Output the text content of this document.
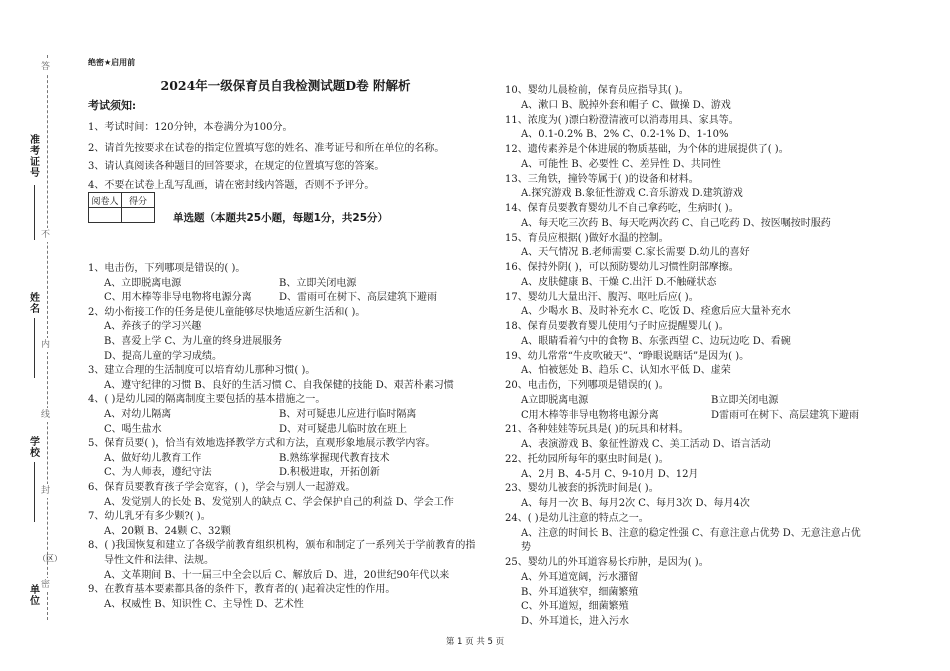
答
不
内
线
封
密
准考证号
姓名
学校
单位
（区）
绝密★启用前
2024年一级保育员自我检测试题D卷 附解析
考试须知:
1、考试时间：120分钟，本卷满分为100分。
2、请首先按要求在试卷的指定位置填写您的姓名、准考证号和所在单位的名称。
3、请认真阅读各种题目的回答要求，在规定的位置填写您的答案。
4、不要在试卷上乱写乱画，请在密封线内答题，否则不予评分。
阅卷人	得分

单选题（本题共25小题，每题1分，共25分）
1、电击伤，下列哪项是错误的( )。
A、立即脱离电源	B、立即关闭电源
C、用木棒等非导电物将电源分离	D、雷雨可在树下、高层建筑下避雨
2、幼小衔接工作的任务是使儿童能够尽快地适应新生活和( )。
A、养孩子的学习兴趣
B、喜爱上学 C、为儿童的终身进展服务
D、提高儿童的学习成绩。
3、建立合理的生活制度可以培育幼儿那种习惯( )。
A、遵守纪律的习惯 B、良好的生活习惯 C、自我保健的技能 D、艰苦朴素习惯
4、( )是幼儿园的隔离制度主要包括的基本措施之一。
A、对幼儿隔离	B、对可疑患儿应进行临时隔离
C、喝生盐水	D、对可疑患儿临时放在班上
5、保育员要( )，恰当有效地选择教学方式和方法，直观形象地展示教学内容。
A、做好幼儿教育工作	B.熟练掌握现代教育技术
C、为人师表，遵纪守法	D.积极进取，开拓创新
6、保育员要教育孩子学会宽容，( )，学会与别人一起游戏。
A、发觉别人的长处 B、发觉别人的缺点 C、学会保护自己的利益 D、学会工作
7、幼儿乳牙有多少颗?( )。
A、20颗 B、24颗 C、32颗
8、( )我国恢复和建立了各级学前教育组织机构，颁布和制定了一系列关于学前教育的指
导性文件和法律、法规。
A、文革期间 B、十一届三中全会以后 C、解放后 D、进，20世纪90年代以来
9、在教育基本要素都具备的条件下，教育者的( )起着决定性的作用。
A、权威性 B、知识性 C、主导性 D、艺术性
10、婴幼儿晨检前，保育员应指导其( )。
A、漱口 B、脱掉外套和帽子 C、做操 D、游戏
11、浓度为( )漂白粉澄清液可以消毒用具、家具等。
A、0.1-0.2% B、2% C、0.2-1% D、1-10%
12、遗传素养是个体进展的物质基础，为个体的进展提供了( )。
A、可能性 B、必要性 C、差异性 D、共同性
13、三角铁，撞铃等属于( )的设备和材料。
A.探究游戏 B.象征性游戏 C.音乐游戏 D.建筑游戏
14、保育员要教育婴幼儿不自己拿药吃，生病时( )。
A、每天吃三次药 B、每天吃两次药 C、自己吃药 D、按医嘱按时服药
15、育员应根据( )做好水温的控制。
A、天气情况 B.老师需要 C.家长需要 D.幼儿的喜好
16、保持外阴( )，可以预防婴幼儿习惯性阴部摩擦。
A、皮肤健康 B、干燥 C.出汗 D.不触碰状态
17、婴幼儿大量出汗、腹泻、呕吐后应( )。
A、少喝水 B、及时补充水 C、吃饭 D、痊愈后应大量补充水
18、保育员要教育婴儿使用勺子时应提醒婴儿( )。
A、眼睛看着勺中的食物 B、东张西望 C、边玩边吃 D、看碗
19、幼儿常常“牛皮吹破天”、“睁眼说瞎话”是因为( )。
A、怕被惩处 B、趋乐 C、认知水平低 D、虚荣
20、电击伤，下列哪项是错误的( )。
A立即脱离电源	B立即关闭电源
C用木棒等非导电物将电源分离	D雷雨可在树下、高层建筑下避雨
21、各种娃娃等玩具是( )的玩具和材料。
A、表演游戏 B、象征性游戏 C、美工活动 D、语言活动
22、托幼园所每年的驱虫时间是( )。
A、2月 B、4-5月 C、9-10月 D、12月
23、婴幼儿被套的拆洗时间是( )。
A、每月一次 B、每月2次 C、每月3次 D、每月4次
24、( )是幼儿注意的特点之一。
A、注意的时间长 B、注意的稳定性强 C、有意注意占优势 D、无意注意占优
势
25、婴幼儿的外耳道容易长疖肿，是因为( )。
A、外耳道宽阔，污水潴留
B、外耳道狭窄，细菌繁殖
C、外耳道短，细菌繁殖
D、外耳道长，进入污水
第 1 页 共 5 页
